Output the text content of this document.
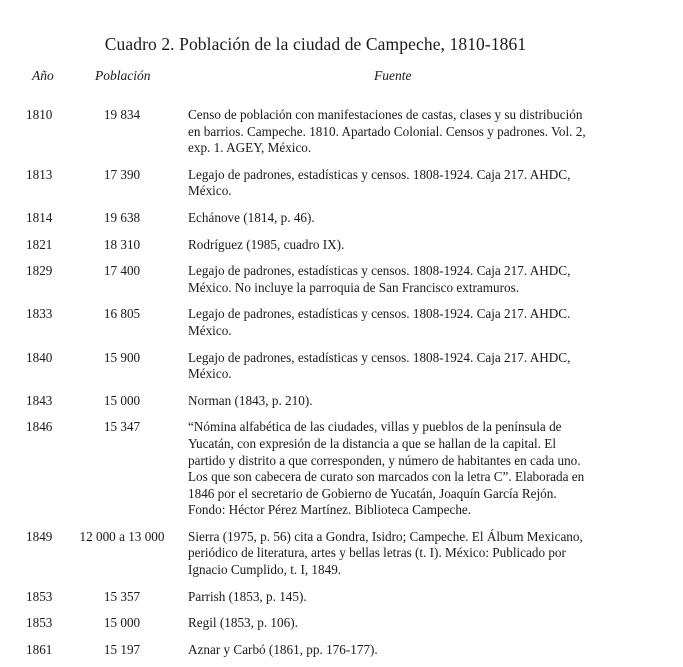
Cuadro 2. Población de la ciudad de Campeche, 1810-1861
Año	Población	Fuente
1810	19 834	Censo de población con manifestaciones de castas, clases y su distribución
en barrios. Campeche. 1810. Apartado Colonial. Censos y padrones. Vol. 2,
exp. 1. AGEY, México.
1813	17 390	Legajo de padrones, estadísticas y censos. 1808-1924. Caja 217. AHDC,
México.
1814	19 638	Echánove (1814, p. 46).
1821	18 310	Rodríguez (1985, cuadro IX).
1829	17 400	Legajo de padrones, estadísticas y censos. 1808-1924. Caja 217. AHDC,
México. No incluye la parroquia de San Francisco extramuros.
1833	16 805	Legajo de padrones, estadísticas y censos. 1808-1924. Caja 217. AHDC.
México.
1840	15 900	Legajo de padrones, estadísticas y censos. 1808-1924. Caja 217. AHDC,
México.
1843	15 000	Norman (1843, p. 210).
1846	15 347	“Nómina alfabética de las ciudades, villas y pueblos de la península de
Yucatán, con expresión de la distancia a que se hallan de la capital. El
partido y distrito a que corresponden, y número de habitantes en cada uno.
Los que son cabecera de curato son marcados con la letra C”. Elaborada en
1846 por el secretario de Gobierno de Yucatán, Joaquín García Rejón.
Fondo: Héctor Pérez Martínez. Biblioteca Campeche.
1849	12 000 a 13 000	Sierra (1975, p. 56) cita a Gondra, Isidro; Campeche. El Álbum Mexicano,
periódico de literatura, artes y bellas letras (t. I). México: Publicado por
Ignacio Cumplido, t. I, 1849.
1853	15 357	Parrish (1853, p. 145).
1853	15 000	Regil (1853, p. 106).
1861	15 197	Aznar y Carbó (1861, pp. 176-177).
